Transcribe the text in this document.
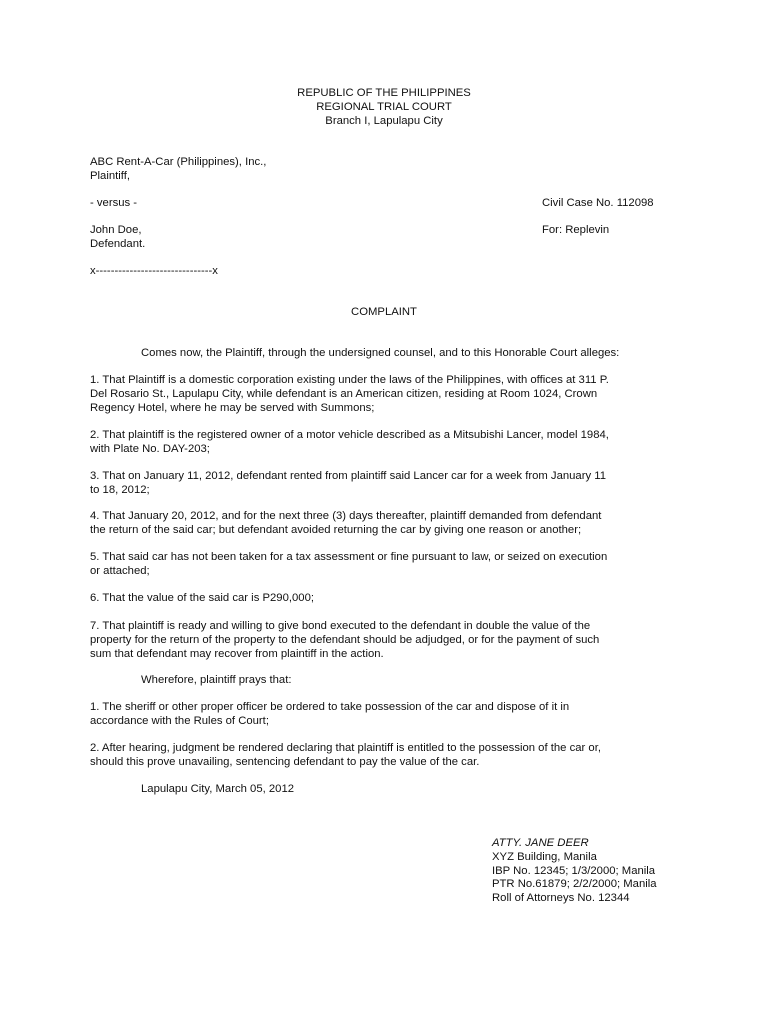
REPUBLIC OF THE PHILIPPINES

REGIONAL TRIAL COURT

Branch I, Lapulapu City

ABC Rent-A-Car (Philippines), Inc.,

Plaintiff,

- versus -	Civil Case No. 112098

John Doe,	For: Replevin

Defendant.

x-------------------------------x

COMPLAINT

Comes now, the Plaintiff, through the undersigned counsel, and to this Honorable Court alleges:

1. That Plaintiff is a domestic corporation existing under the laws of the Philippines, with offices at 311 P.
Del Rosario St., Lapulapu City, while defendant is an American citizen, residing at Room 1024, Crown
Regency Hotel, where he may be served with Summons;

2. That plaintiff is the registered owner of a motor vehicle described as a Mitsubishi Lancer, model 1984,
with Plate No. DAY-203;

3. That on January 11, 2012, defendant rented from plaintiff said Lancer car for a week from January 11
to 18, 2012;

4. That January 20, 2012, and for the next three (3) days thereafter, plaintiff demanded from defendant
the return of the said car; but defendant avoided returning the car by giving one reason or another;

5. That said car has not been taken for a tax assessment or fine pursuant to law, or seized on execution
or attached;

6. That the value of the said car is P290,000;

7. That plaintiff is ready and willing to give bond executed to the defendant in double the value of the
property for the return of the property to the defendant should be adjudged, or for the payment of such
sum that defendant may recover from plaintiff in the action.

Wherefore, plaintiff prays that:

1. The sheriff or other proper officer be ordered to take possession of the car and dispose of it in
accordance with the Rules of Court;

2. After hearing, judgment be rendered declaring that plaintiff is entitled to the possession of the car or,
should this prove unavailing, sentencing defendant to pay the value of the car.

Lapulapu City, March 05, 2012

ATTY. JANE DEER

XYZ Building, Manila

IBP No. 12345; 1/3/2000; Manila

PTR No.61879; 2/2/2000; Manila

Roll of Attorneys No. 12344
